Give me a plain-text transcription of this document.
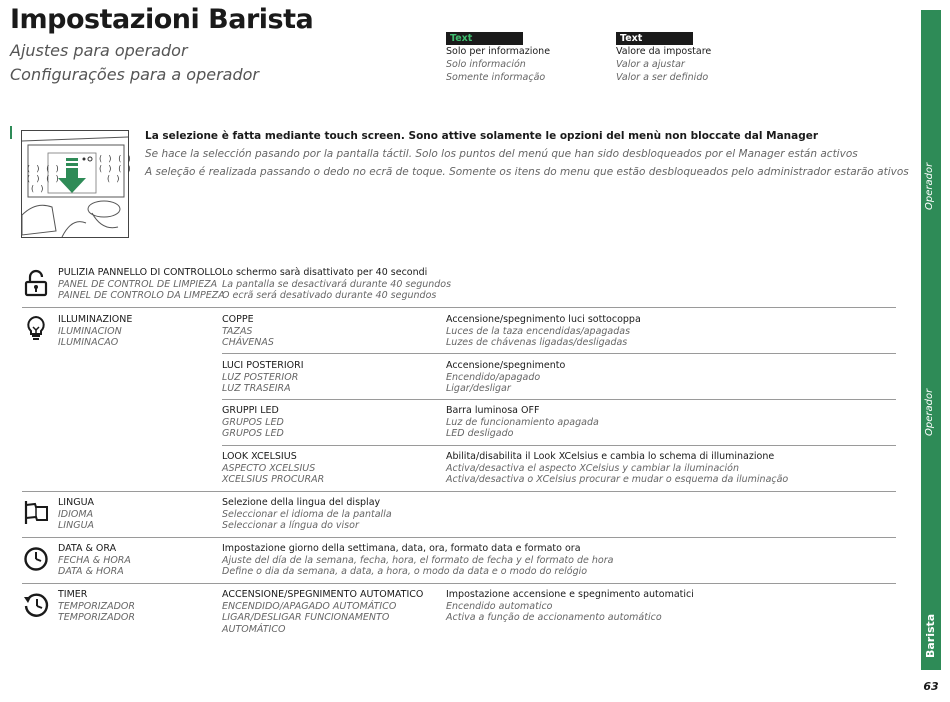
Impostazioni Barista
Ajustes para operador
Configurações para a operador
Text
Solo per informazione
Solo información
Somente informação
Text
Valore da impostare
Valor a ajustar
Valor a ser definido
Operador
Operador
Barista
63
( ) ( )
( ) ( )
( )
( ) ( )
( ) ( )
( )
La selezione è fatta mediante touch screen. Sono attive solamente le opzioni del menù non bloccate dal Manager
Se hace la selección pasando por la pantalla táctil. Solo los puntos del menú que han sido desbloqueados por el Manager están activos
A seleção é realizada passando o dedo no ecrã de toque. Somente os itens do menu que estão desbloqueados pelo administrador estarão ativos
PULIZIA PANNELLO DI CONTROLLO
PANEL DE CONTROL DE LIMPIEZA
PAINEL DE CONTROLO DA LIMPEZA
Lo schermo sarà disattivato per 40 secondi
La pantalla se desactivará durante 40 segundos
O ecrã será desativado durante 40 segundos
ILLUMINAZIONE
ILUMINACION
ILUMINACAO
COPPE
TAZAS
CHÁVENAS
Accensione/spegnimento luci sottocoppa
Luces de la taza encendidas/apagadas
Luzes de chávenas ligadas/desligadas
LUCI POSTERIORI
LUZ POSTERIOR
LUZ TRASEIRA
Accensione/spegnimento
Encendido/apagado
Ligar/desligar
GRUPPI LED
GRUPOS LED
GRUPOS LED
Barra luminosa OFF
Luz de funcionamiento apagada
LED desligado
LOOK XCELSIUS
ASPECTO XCELSIUS
XCELSIUS PROCURAR
Abilita/disabilita il Look XCelsius e cambia lo schema di illuminazione
Activa/desactiva el aspecto XCelsius y cambiar la iluminación
Activa/desactiva o XCelsius procurar e mudar o esquema da iluminação
LINGUA
IDIOMA
LINGUA
Selezione della lingua del display
Seleccionar el idioma de la pantalla
Seleccionar a língua do visor
DATA & ORA
FECHA & HORA
DATA & HORA
Impostazione giorno della settimana, data, ora, formato data e formato ora
Ajuste del día de la semana, fecha, hora, el formato de fecha y el formato de hora
Define o dia da semana, a data, a hora, o modo da data e o modo do relógio
TIMER
TEMPORIZADOR
TEMPORIZADOR
ACCENSIONE/SPEGNIMENTO AUTOMATICO
ENCENDIDO/APAGADO AUTOMÁTICO
LIGAR/DESLIGAR FUNCIONAMENTO
AUTOMÁTICO
Impostazione accensione e spegnimento automatici
Encendido automatico
Activa a função de accionamento automático
